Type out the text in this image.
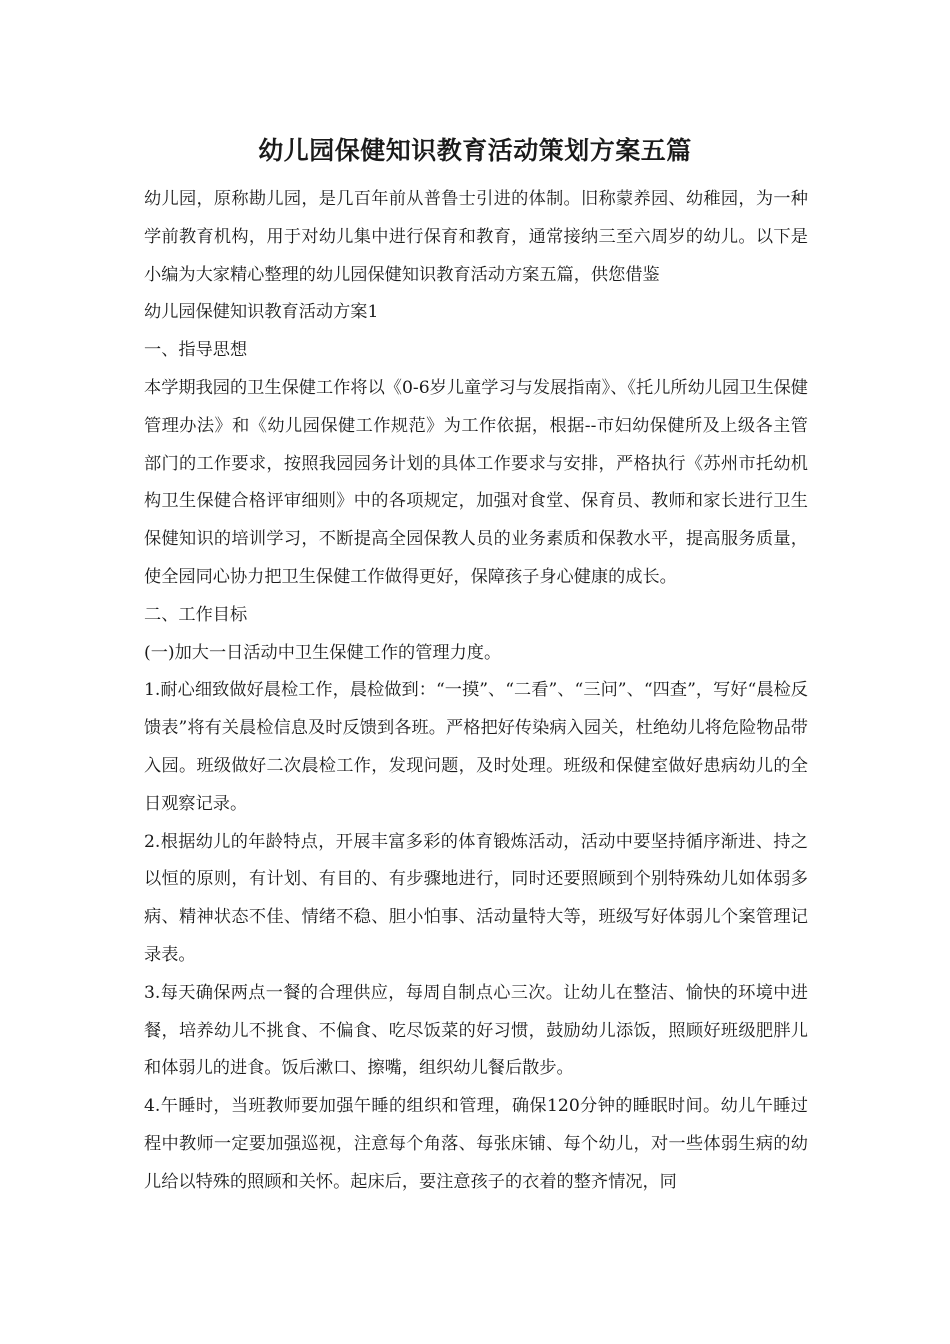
幼儿园保健知识教育活动策划方案五篇

幼儿园，原称勘儿园，是几百年前从普鲁士引进的体制。旧称蒙养园、幼稚园，为一种学前教育机构，用于对幼儿集中进行保育和教育，通常接纳三至六周岁的幼儿。以下是小编为大家精心整理的幼儿园保健知识教育活动方案五篇，供您借鉴

幼儿园保健知识教育活动方案1

一、指导思想

本学期我园的卫生保健工作将以《0-6岁儿童学习与发展指南》、《托儿所幼儿园卫生保健管理办法》和《幼儿园保健工作规范》为工作依据，根据--市妇幼保健所及上级各主管部门的工作要求，按照我园园务计划的具体工作要求与安排，严格执行《苏州市托幼机构卫生保健合格评审细则》中的各项规定，加强对食堂、保育员、教师和家长进行卫生保健知识的培训学习，不断提高全园保教人员的业务素质和保教水平，提高服务质量，使全园同心协力把卫生保健工作做得更好，保障孩子身心健康的成长。

二、工作目标

(一)加大一日活动中卫生保健工作的管理力度。

1.耐心细致做好晨检工作，晨检做到：“一摸”、“二看”、“三问”、“四查”，写好“晨检反馈表”将有关晨检信息及时反馈到各班。严格把好传染病入园关，杜绝幼儿将危险物品带入园。班级做好二次晨检工作，发现问题，及时处理。班级和保健室做好患病幼儿的全日观察记录。

2.根据幼儿的年龄特点，开展丰富多彩的体育锻炼活动，活动中要坚持循序渐进、持之以恒的原则，有计划、有目的、有步骤地进行，同时还要照顾到个别特殊幼儿如体弱多病、精神状态不佳、情绪不稳、胆小怕事、活动量特大等，班级写好体弱儿个案管理记录表。

3.每天确保两点一餐的合理供应，每周自制点心三次。让幼儿在整洁、愉快的环境中进餐，培养幼儿不挑食、不偏食、吃尽饭菜的好习惯，鼓励幼儿添饭，照顾好班级肥胖儿和体弱儿的进食。饭后漱口、擦嘴，组织幼儿餐后散步。

4.午睡时，当班教师要加强午睡的组织和管理，确保120分钟的睡眠时间。幼儿午睡过程中教师一定要加强巡视，注意每个角落、每张床铺、每个幼儿，对一些体弱生病的幼儿给以特殊的照顾和关怀。起床后，要注意孩子的衣着的整齐情况，同
